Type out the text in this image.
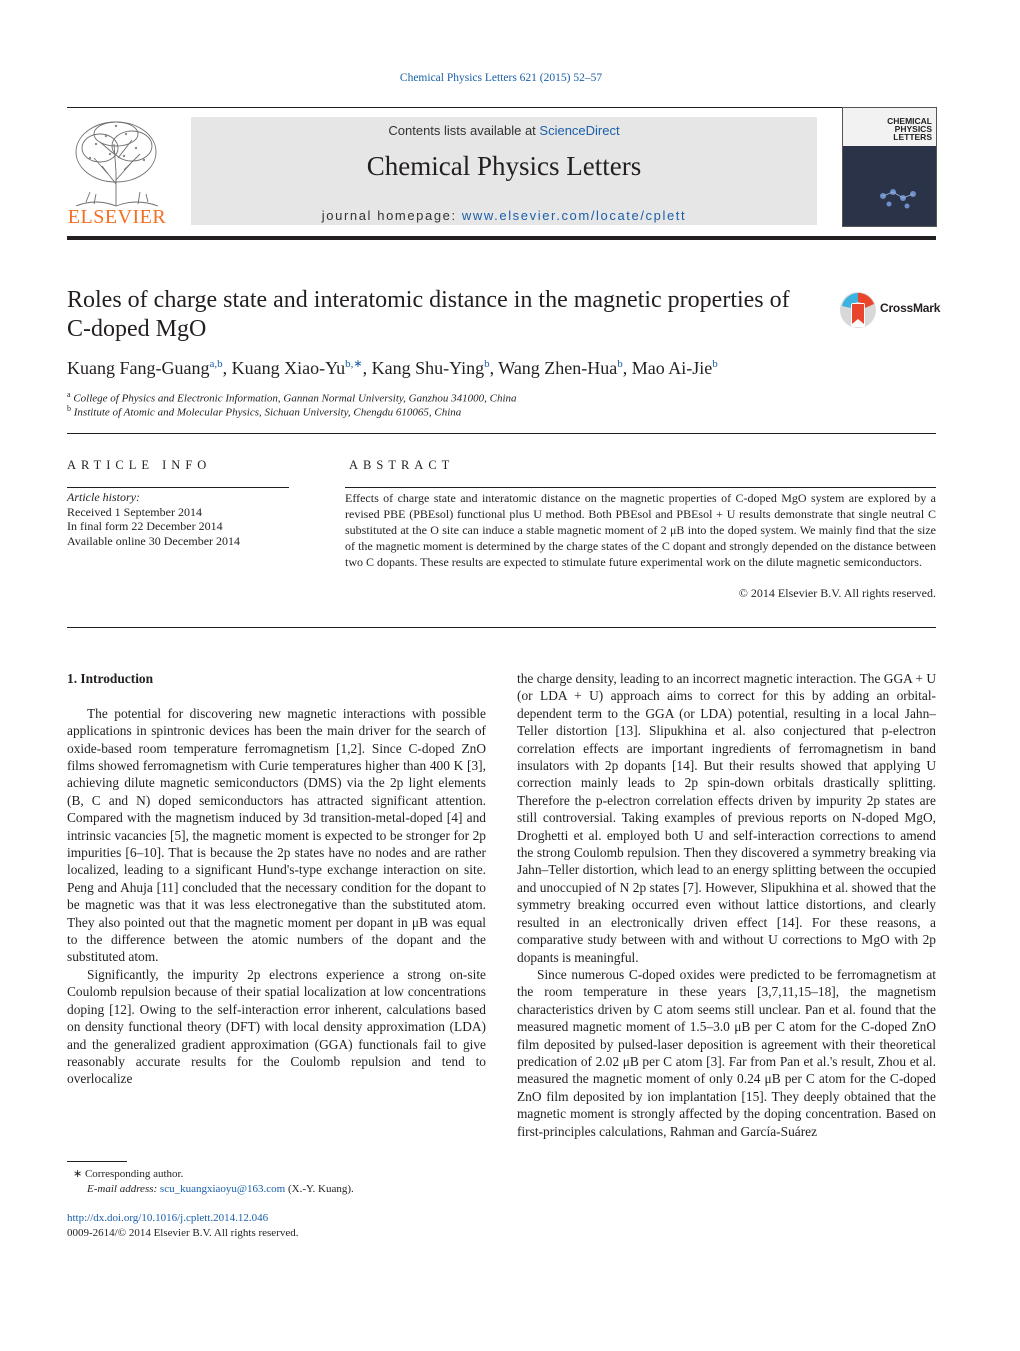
Chemical Physics Letters 621 (2015) 52–57
ELSEVIER
Contents lists available at ScienceDirect
Chemical Physics Letters
journal homepage: www.elsevier.com/locate/cplett
CHEMICAL PHYSICS LETTERS
Roles of charge state and interatomic distance in the magnetic properties of C-doped MgO
CrossMark
Kuang Fang-Guang$^{a,b}$, Kuang Xiao-$Yu^{b,∗}$, Kang Shu-Ying$^b$, Wang Zhen-Hua$^b$, Mao Ai-Jie$^b$
$^a$ College of Physics and Electronic Information, Gannan Normal University, Ganzhou 341000, China
$^b$ Institute of Atomic and Molecular Physics, Sichuan University, Chengdu 610065, China
ARTICLE INFO
Article history:
Received 1 September 2014
In final form 22 December 2014
Available online 30 December 2014
ABSTRACT
Effects of charge state and interatomic distance on the magnetic properties of C-doped MgO system are explored by a revised PBE (PBEsol) functional plus U method. Both PBEsol and PBEsol + U results demonstrate that single neutral C substituted at the O site can induce a stable magnetic moment of 2 μB into the doped system. We mainly find that the size of the magnetic moment is determined by the charge states of the C dopant and strongly depended on the distance between two C dopants. These results are expected to stimulate future experimental work on the dilute magnetic semiconductors.
© 2014 Elsevier B.V. All rights reserved.
1. Introduction

The potential for discovering new magnetic interactions with possible applications in spintronic devices has been the main driver for the search of oxide-based room temperature ferromagnetism [1,2]. Since C-doped ZnO films showed ferromagnetism with Curie temperatures higher than 400 K [3], achieving dilute magnetic semiconductors (DMS) via the 2p light elements (B, C and N) doped semiconductors has attracted significant attention. Compared with the magnetism induced by 3d transition-metal-doped [4] and intrinsic vacancies [5], the magnetic moment is expected to be stronger for 2p impurities [6–10]. That is because the 2p states have no nodes and are rather localized, leading to a significant Hund's-type exchange interaction on site. Peng and Ahuja [11] concluded that the necessary condition for the dopant to be magnetic was that it was less electronegative than the substituted atom. They also pointed out that the magnetic moment per dopant in μB was equal to the difference between the atomic numbers of the dopant and the substituted atom.

Significantly, the impurity 2p electrons experience a strong on-site Coulomb repulsion because of their spatial localization at low concentrations doping [12]. Owing to the self-interaction error inherent, calculations based on density functional theory (DFT) with local density approximation (LDA) and the generalized gradient approximation (GGA) functionals fail to give reasonably accurate results for the Coulomb repulsion and tend to overlocalize

the charge density, leading to an incorrect magnetic interaction. The GGA + U (or LDA + U) approach aims to correct for this by adding an orbital-dependent term to the GGA (or LDA) potential, resulting in a local Jahn–Teller distortion [13]. Slipukhina et al. also conjectured that p-electron correlation effects are important ingredients of ferromagnetism in band insulators with 2p dopants [14]. But their results showed that applying U correction mainly leads to 2p spin-down orbitals drastically splitting. Therefore the p-electron correlation effects driven by impurity 2p states are still controversial. Taking examples of previous reports on N-doped MgO, Droghetti et al. employed both U and self-interaction corrections to amend the strong Coulomb repulsion. Then they discovered a symmetry breaking via Jahn–Teller distortion, which lead to an energy splitting between the occupied and unoccupied of N 2p states [7]. However, Slipukhina et al. showed that the symmetry breaking occurred even without lattice distortions, and clearly resulted in an electronically driven effect [14]. For these reasons, a comparative study between with and without U corrections to MgO with 2p dopants is meaningful.

Since numerous C-doped oxides were predicted to be ferromagnetism at the room temperature in these years [3,7,11,15–18], the magnetism characteristics driven by C atom seems still unclear. Pan et al. found that the measured magnetic moment of 1.5–3.0 μB per C atom for the C-doped ZnO film deposited by pulsed-laser deposition is agreement with their theoretical predication of 2.02 μB per C atom [3]. Far from Pan et al.'s result, Zhou et al. measured the magnetic moment of only 0.24 μB per C atom for the C-doped ZnO film deposited by ion implantation [15]. They deeply obtained that the magnetic moment is strongly affected by the doping concentration. Based on first-principles calculations, Rahman and García-Suárez

∗ Corresponding author.
E-mail address: scu_kuangxiaoyu@163.com (X.-Y. Kuang).
http://dx.doi.org/10.1016/j.cplett.2014.12.046
0009-2614/© 2014 Elsevier B.V. All rights reserved.
